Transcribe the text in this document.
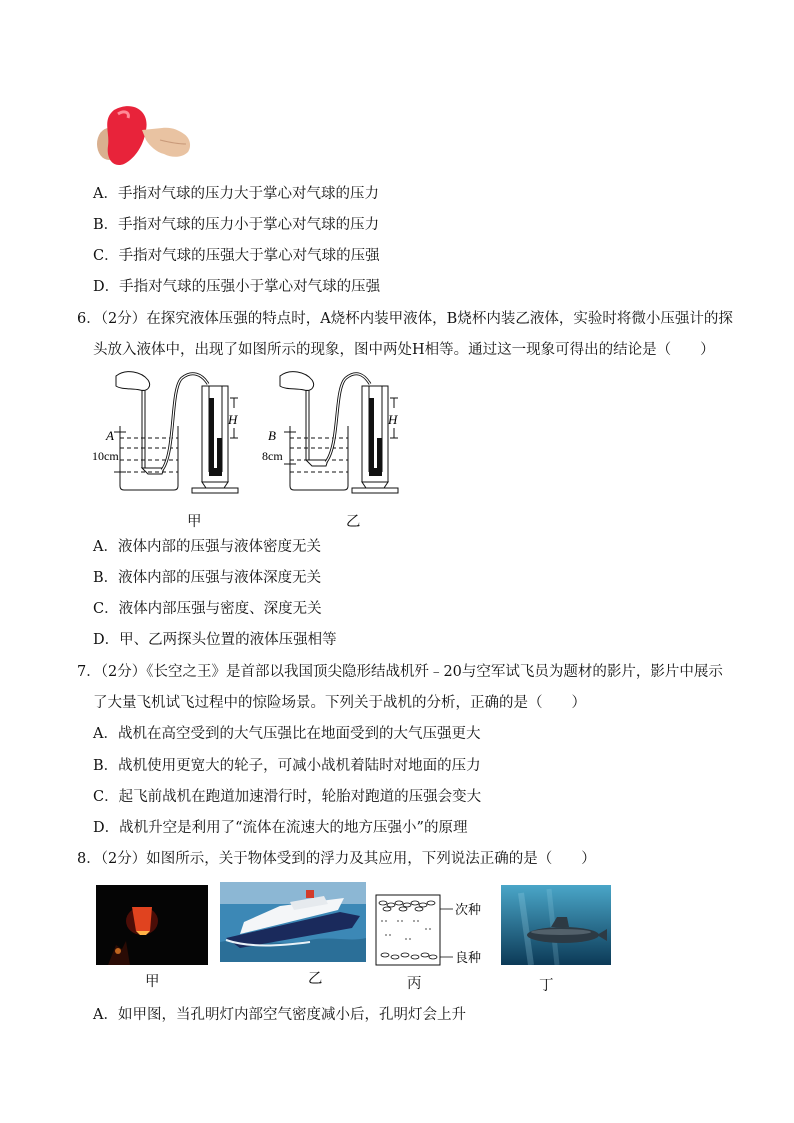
A．手指对气球的压力大于掌心对气球的压力
B．手指对气球的压力小于掌心对气球的压力
C．手指对气球的压强大于掌心对气球的压强
D．手指对气球的压强小于掌心对气球的压强
6．（2分）在探究液体压强的特点时，A烧杯内装甲液体，B烧杯内装乙液体，实验时将微小压强计的探
头放入液体中，出现了如图所示的现象，图中两处H相等。通过这一现象可得出的结论是（　　）
A
10cm
H
甲
B
8cm
H
乙
A．液体内部的压强与液体密度无关
B．液体内部的压强与液体深度无关
C．液体内部压强与密度、深度无关
D．甲、乙两探头位置的液体压强相等
7．（2分）《长空之王》是首部以我国顶尖隐形结战机歼﹣20与空军试飞员为题材的影片，影片中展示
了大量飞机试飞过程中的惊险场景。下列关于战机的分析，正确的是（　　）
A．战机在高空受到的大气压强比在地面受到的大气压强更大
B．战机使用更宽大的轮子，可减小战机着陆时对地面的压力
C．起飞前战机在跑道加速滑行时，轮胎对跑道的压强会变大
D．战机升空是利用了“流体在流速大的地方压强小”的原理
8．（2分）如图所示，关于物体受到的浮力及其应用，下列说法正确的是（　　）
甲	乙
次种
良种
丙	丁
A．如甲图，当孔明灯内部空气密度减小后，孔明灯会上升
